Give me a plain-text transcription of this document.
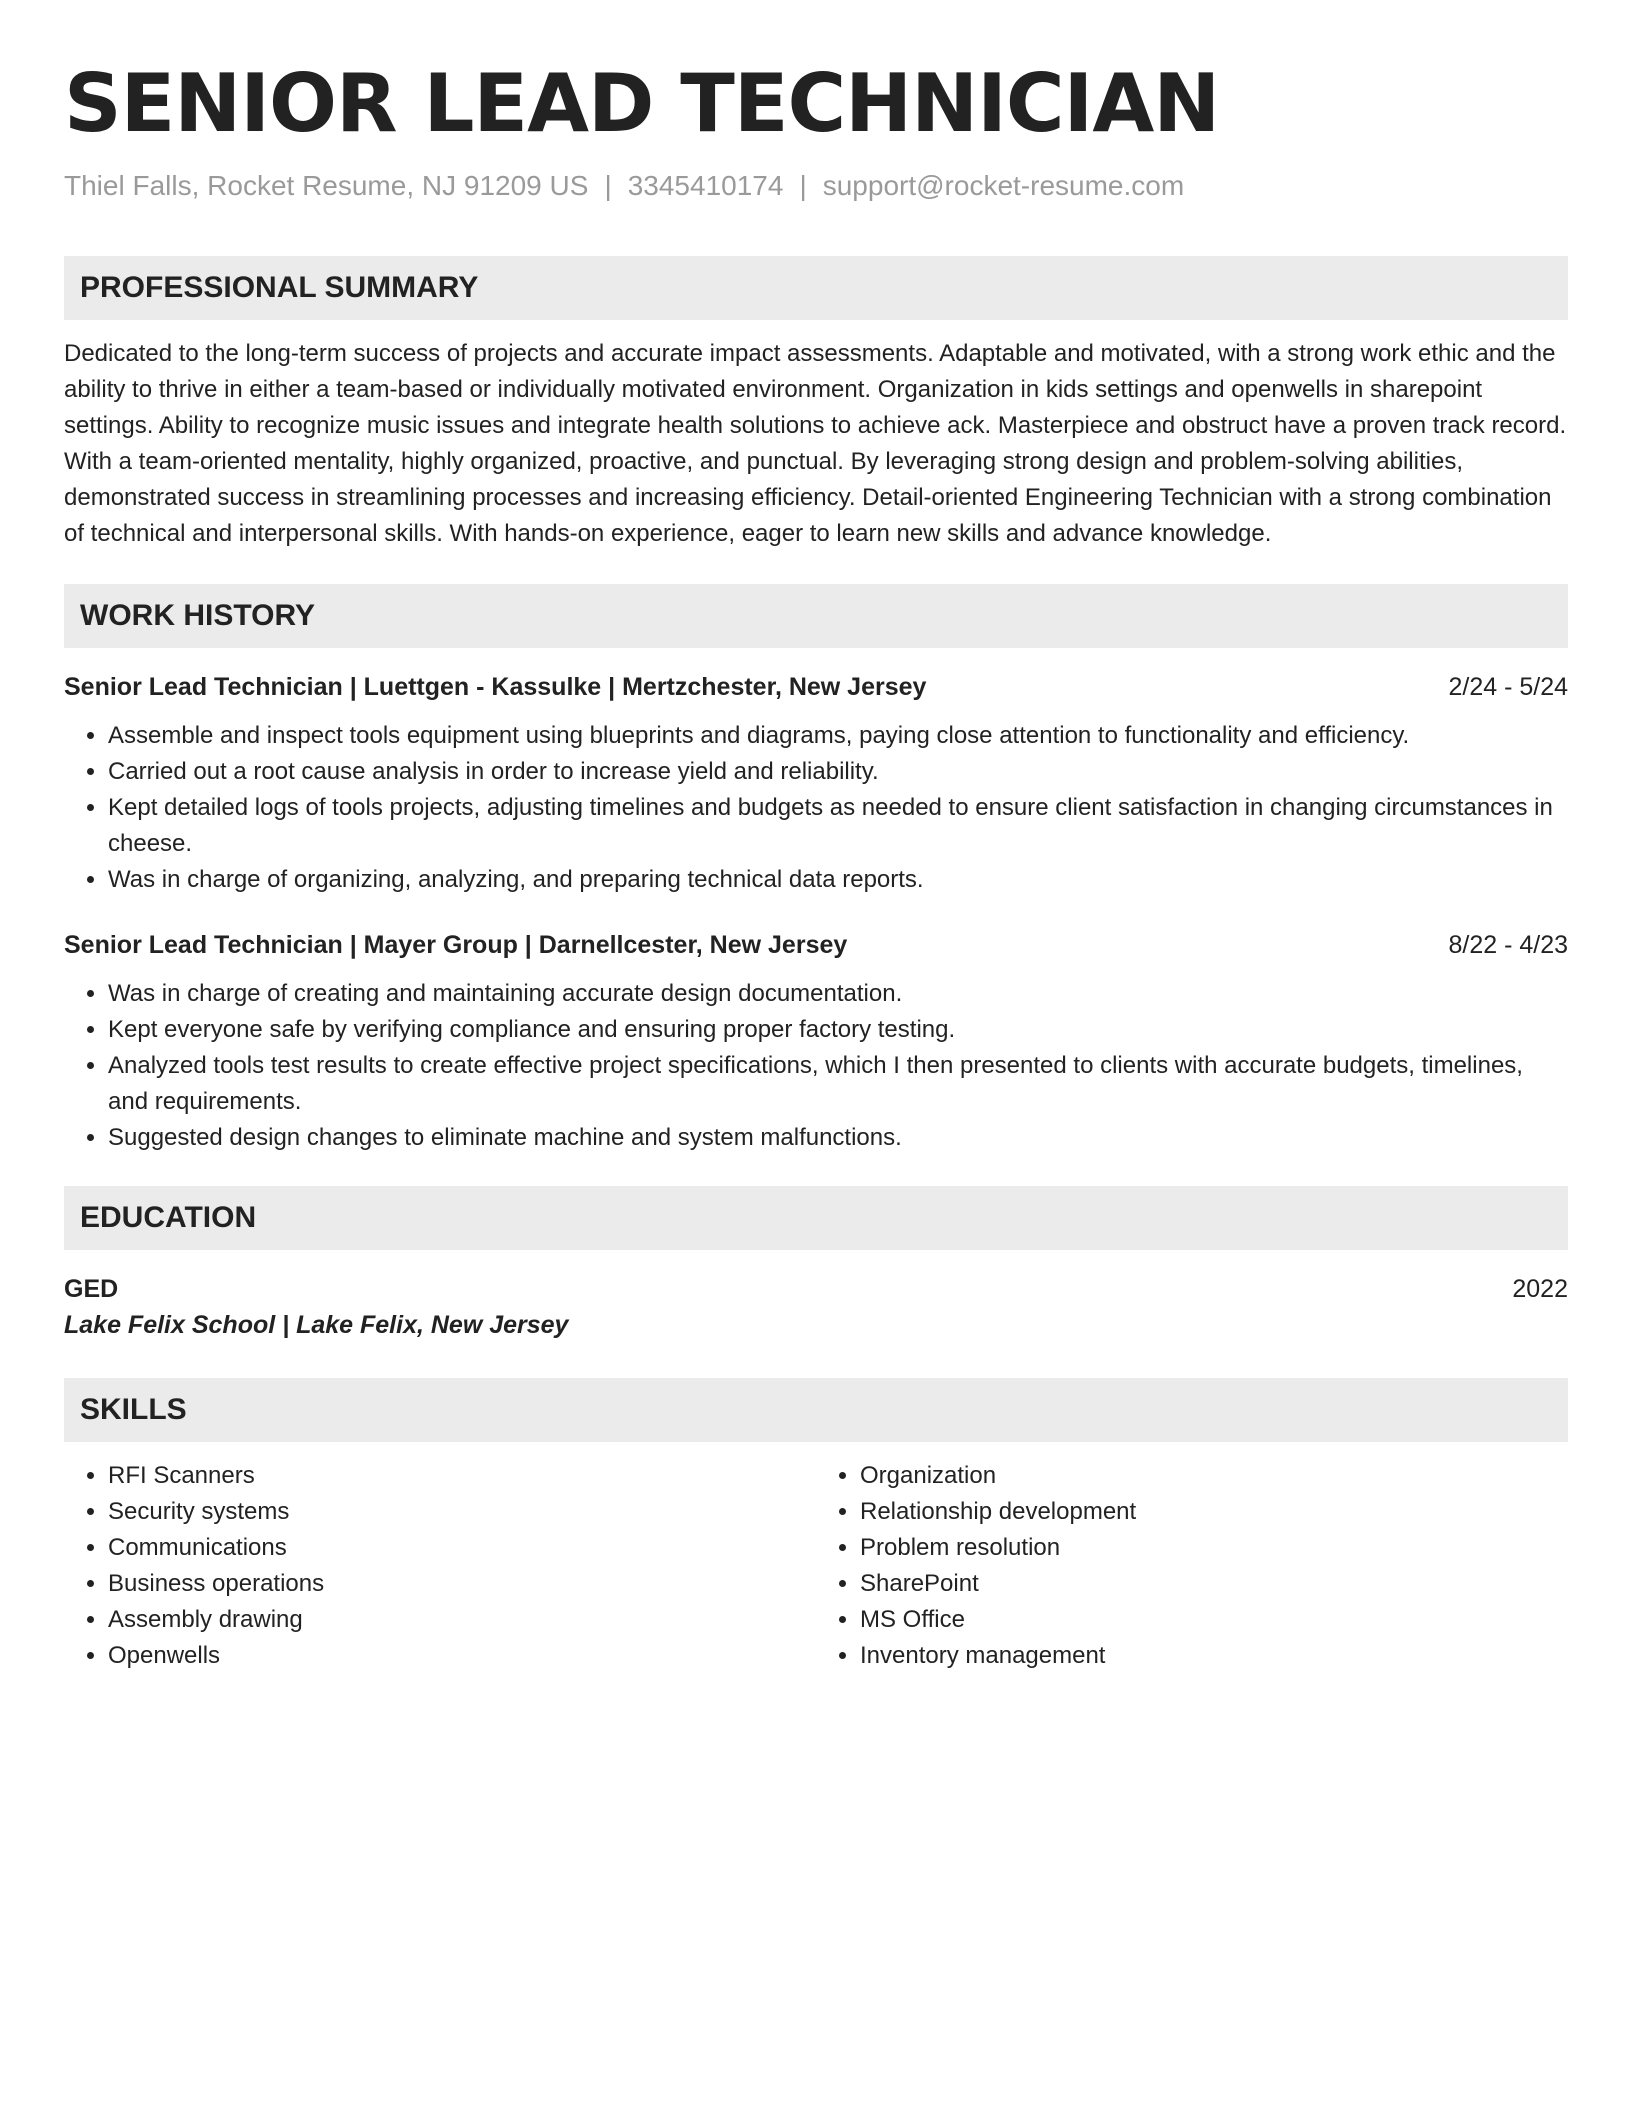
SENIOR LEAD TECHNICIAN
Thiel Falls, Rocket Resume, NJ 91209 US | 3345410174 | support@rocket-resume.com
PROFESSIONAL SUMMARY
Dedicated to the long-term success of projects and accurate impact assessments. Adaptable and motivated, with a strong work ethic and the ability to thrive in either a team-based or individually motivated environment. Organization in kids settings and openwells in sharepoint settings. Ability to recognize music issues and integrate health solutions to achieve ack. Masterpiece and obstruct have a proven track record. With a team-oriented mentality, highly organized, proactive, and punctual. By leveraging strong design and problem-solving abilities, demonstrated success in streamlining processes and increasing efficiency. Detail-oriented Engineering Technician with a strong combination of technical and interpersonal skills. With hands-on experience, eager to learn new skills and advance knowledge.
WORK HISTORY
Senior Lead Technician | Luettgen - Kassulke | Mertzchester, New Jersey	2/24 - 5/24
• Assemble and inspect tools equipment using blueprints and diagrams, paying close attention to functionality and efficiency.
• Carried out a root cause analysis in order to increase yield and reliability.
• Kept detailed logs of tools projects, adjusting timelines and budgets as needed to ensure client satisfaction in changing circumstances in cheese.
• Was in charge of organizing, analyzing, and preparing technical data reports.
Senior Lead Technician | Mayer Group | Darnellcester, New Jersey	8/22 - 4/23
• Was in charge of creating and maintaining accurate design documentation.
• Kept everyone safe by verifying compliance and ensuring proper factory testing.
• Analyzed tools test results to create effective project specifications, which I then presented to clients with accurate budgets, timelines, and requirements.
• Suggested design changes to eliminate machine and system malfunctions.
EDUCATION
GED	2022
Lake Felix School | Lake Felix, New Jersey
SKILLS
• RFI Scanners
• Security systems
• Communications
• Business operations
• Assembly drawing
• Openwells
• Organization
• Relationship development
• Problem resolution
• SharePoint
• MS Office
• Inventory management
